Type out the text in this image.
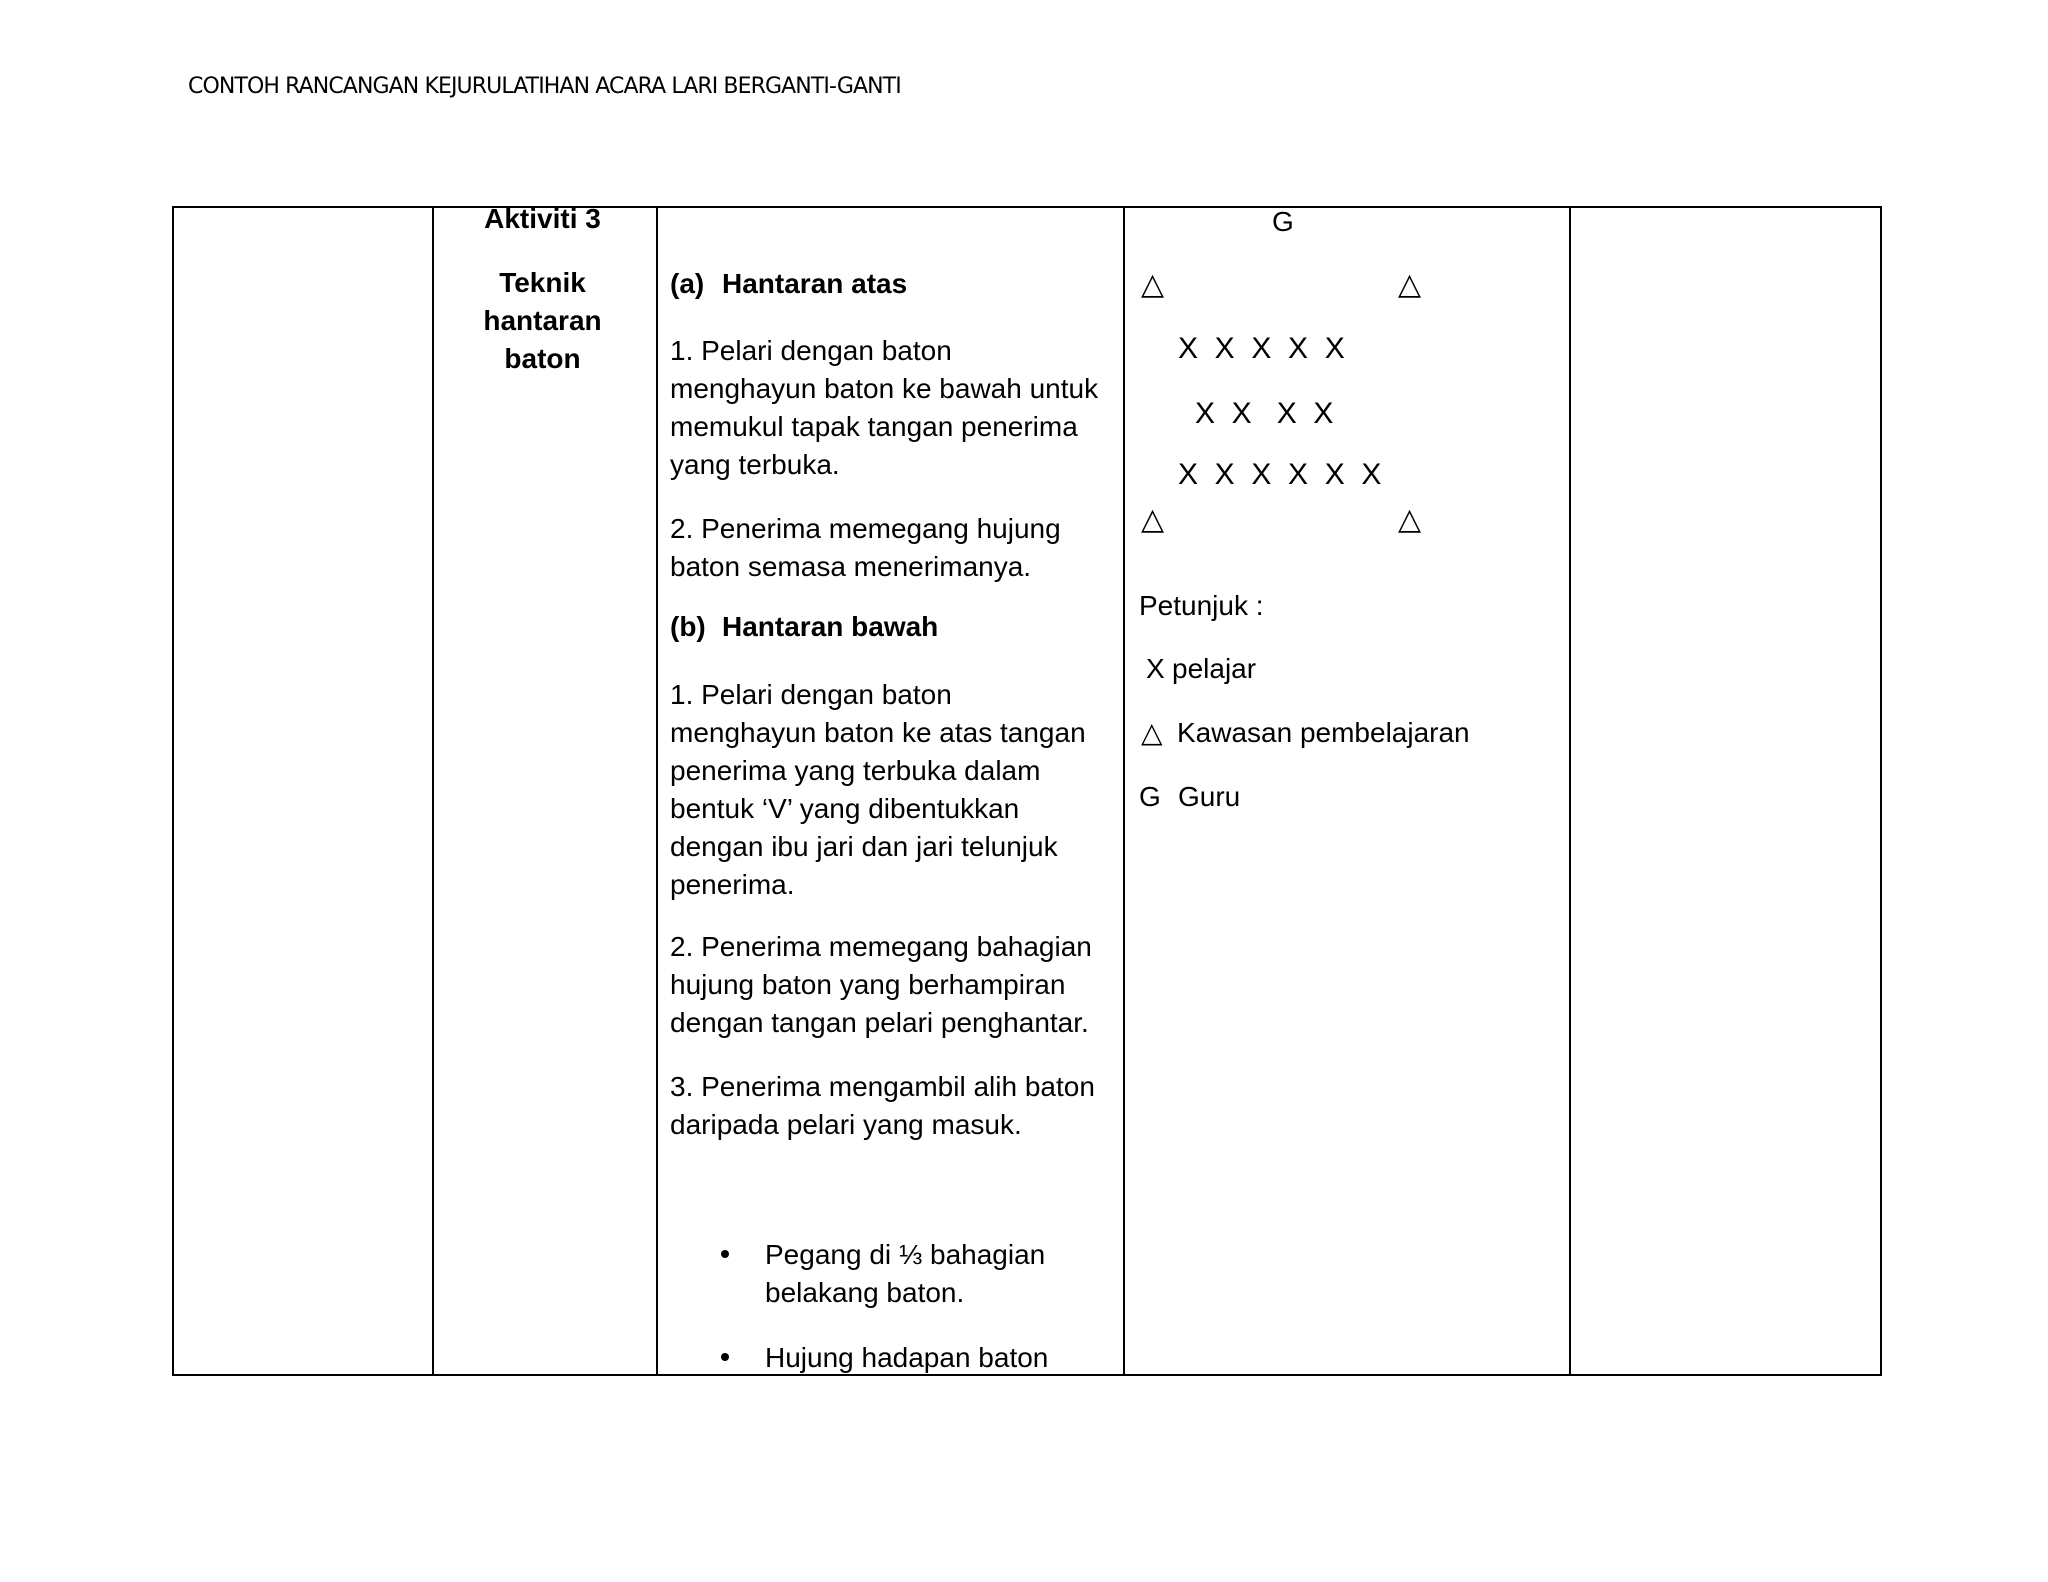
CONTOH RANCANGAN KEJURULATIHAN ACARA LARI BERGANTI-GANTI
Aktiviti 3
Teknik
hantaran
baton
(a) Hantaran atas
1. Pelari dengan baton
menghayun baton ke bawah untuk
memukul tapak tangan penerima
yang terbuka.
2. Penerima memegang hujung
baton semasa menerimanya.
(b) Hantaran bawah
1. Pelari dengan baton
menghayun baton ke atas tangan
penerima yang terbuka dalam
bentuk ‘V’ yang dibentukkan
dengan ibu jari dan jari telunjuk
penerima.
2. Penerima memegang bahagian
hujung baton yang berhampiran
dengan tangan pelari penghantar.
3. Penerima mengambil alih baton
daripada pelari yang masuk.
Pegang di ⅓ bahagian
belakang baton.
Hujung hadapan baton
G
△	△
X  X  X  X  X
X  X   X  X
X  X  X  X  X  X
△	△
Petunjuk :
X pelajar
△ Kawasan pembelajaran
G Guru
